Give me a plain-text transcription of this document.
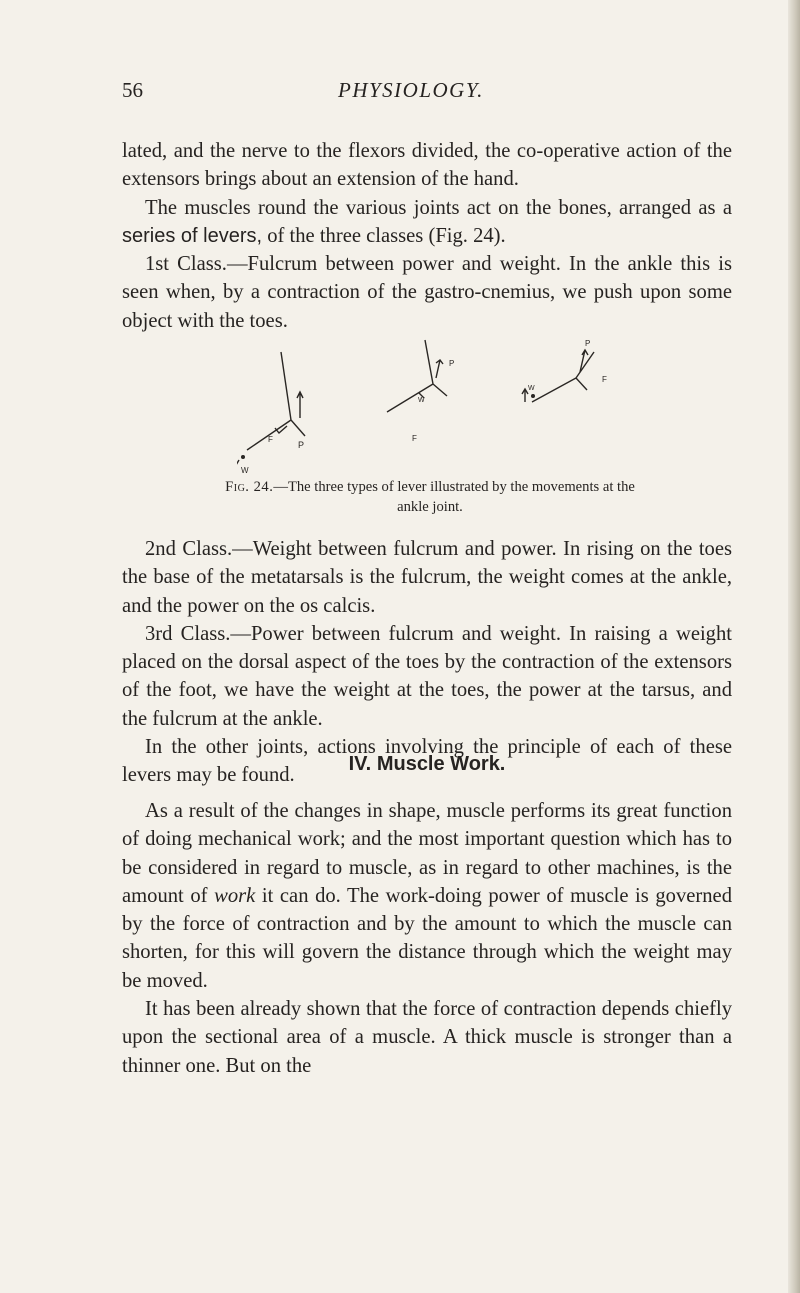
56	PHYSIOLOGY.

lated, and the nerve to the flexors divided, the co-operative action of the extensors brings about an extension of the hand.

The muscles round the various joints act on the bones, arranged as a series of levers, of the three classes (Fig. 24).

1st Class.—Fulcrum between power and weight. In the ankle this is seen when, by a contraction of the gastro-cnemius, we push upon some object with the toes.

F
P
W
P
W
F
P
W
F
Fig. 24.—The three types of lever illustrated by the movements at the ankle joint.

2nd Class.—Weight between fulcrum and power. In rising on the toes the base of the metatarsals is the fulcrum, the weight comes at the ankle, and the power on the os calcis.

3rd Class.—Power between fulcrum and weight. In raising a weight placed on the dorsal aspect of the toes by the contraction of the extensors of the foot, we have the weight at the toes, the power at the tarsus, and the fulcrum at the ankle.

In the other joints, actions involving the principle of each of these levers may be found.

IV. Muscle Work.

As a result of the changes in shape, muscle performs its great function of doing mechanical work; and the most important question which has to be considered in regard to muscle, as in regard to other machines, is the amount of work it can do. The work-doing power of muscle is governed by the force of contraction and by the amount to which the muscle can shorten, for this will govern the distance through which the weight may be moved.

It has been already shown that the force of contraction depends chiefly upon the sectional area of a muscle. A thick muscle is stronger than a thinner one. But on the
